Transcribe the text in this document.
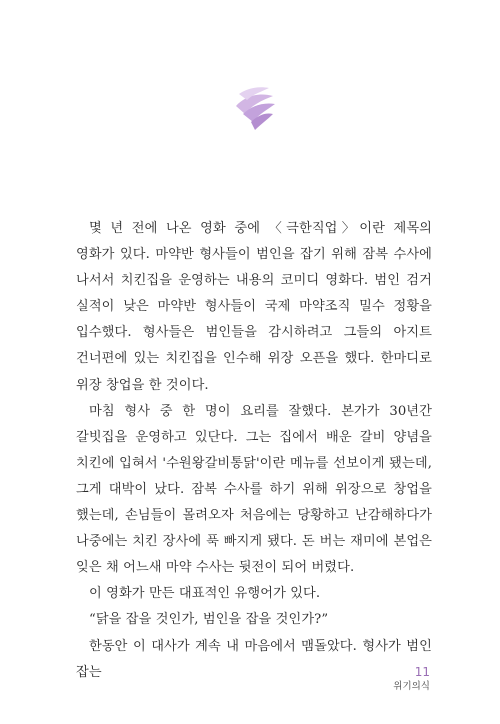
몇 년 전에 나온 영화 중에 〈극한직업〉이란 제목의 영화가 있다. 마약반 형사들이 범인을 잡기 위해 잠복 수사에 나서서 치킨집을 운영하는 내용의 코미디 영화다. 범인 검거 실적이 낮은 마약반 형사들이 국제 마약조직 밀수 정황을 입수했다. 형사들은 범인들을 감시하려고 그들의 아지트 건너편에 있는 치킨집을 인수해 위장 오픈을 했다. 한마디로 위장 창업을 한 것이다.

마침 형사 중 한 명이 요리를 잘했다. 본가가 30년간 갈빗집을 운영하고 있단다. 그는 집에서 배운 갈비 양념을 치킨에 입혀서 '수원왕갈비통닭'이란 메뉴를 선보이게 됐는데, 그게 대박이 났다. 잠복 수사를 하기 위해 위장으로 창업을 했는데, 손님들이 몰려오자 처음에는 당황하고 난감해하다가 나중에는 치킨 장사에 푹 빠지게 됐다. 돈 버는 재미에 본업은 잊은 채 어느새 마약 수사는 뒷전이 되어 버렸다.

이 영화가 만든 대표적인 유행어가 있다.

“닭을 잡을 것인가, 범인을 잡을 것인가?”

한동안 이 대사가 계속 내 마음에서 맴돌았다. 형사가 범인 잡는	11
위기의식
